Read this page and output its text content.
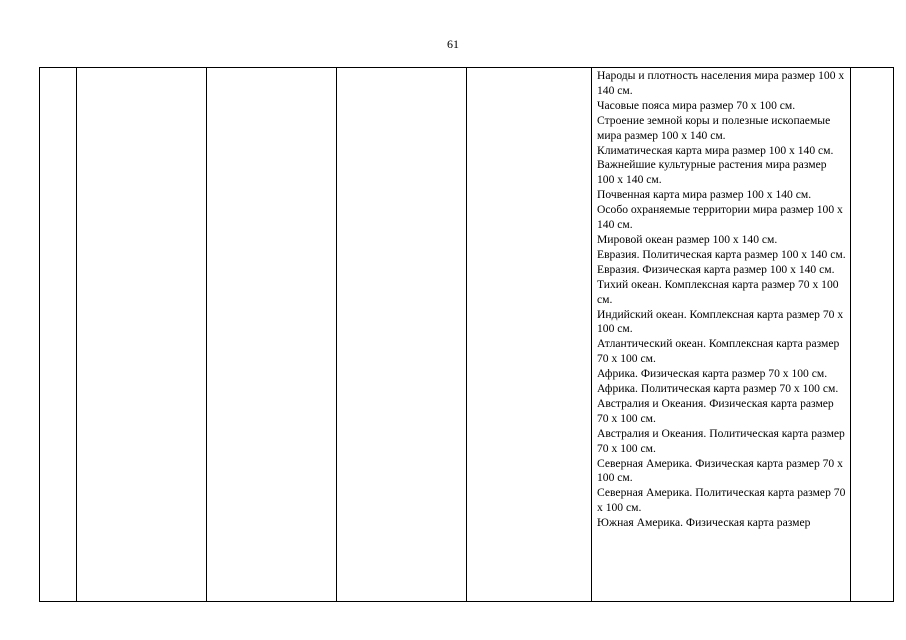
61

Народы и плотность населения мира размер 100 х 140 см.
Часовые пояса мира размер 70 х 100 см.
Строение земной коры и полезные ископаемые мира размер 100 х 140 см.
Климатическая карта мира размер 100 х 140 см.
Важнейшие культурные растения мира размер 100 х 140 см.
Почвенная карта мира размер 100 х 140 см.
Особо охраняемые территории мира размер 100 х 140 см.
Мировой океан размер 100 х 140 см.
Евразия. Политическая карта размер 100 х 140 см.
Евразия. Физическая карта размер 100 х 140 см.
Тихий океан. Комплексная карта размер 70 х 100 см.
Индийский океан. Комплексная карта размер 70 х 100 см.
Атлантический океан. Комплексная карта размер 70 х 100 см.
Африка. Физическая карта размер 70 х 100 см.
Африка. Политическая карта размер 70 х 100 см.
Австралия и Океания. Физическая карта размер 70 х 100 см.
Австралия и Океания. Политическая карта размер 70 х 100 см.
Северная Америка. Физическая карта размер 70 х 100 см.
Северная Америка. Политическая карта размер 70 х 100 см.
Южная Америка. Физическая карта размер
